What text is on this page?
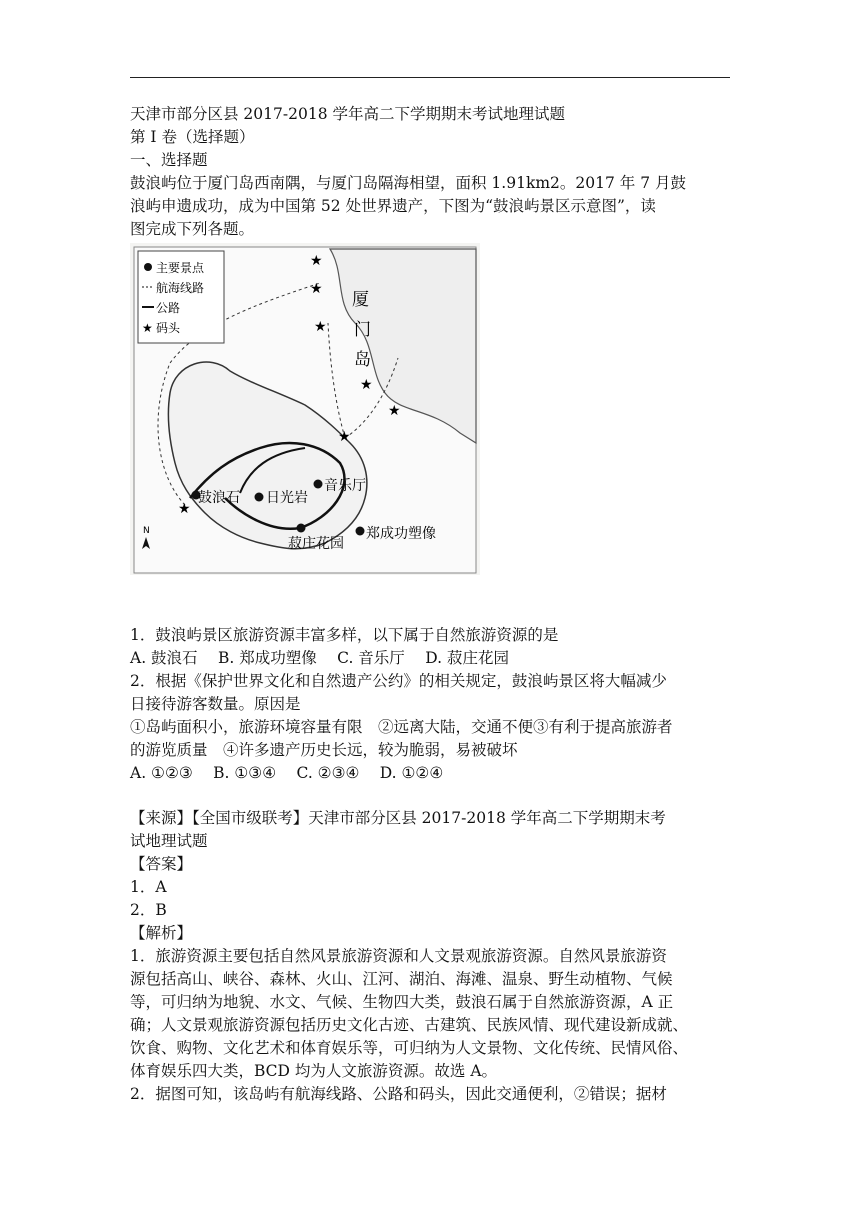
天津市部分区县 2017-2018 学年高二下学期期末考试地理试题

第 I 卷（选择题）

一、选择题

鼓浪屿位于厦门岛西南隅，与厦门岛隔海相望，面积 1.91km2。2017 年 7 月鼓

浪屿申遗成功，成为中国第 52 处世界遗产，下图为“鼓浪屿景区示意图”，读

图完成下列各题。

主要景点
航海线路
公路
★ 码头
厦
门
岛
★
★
★
★
★
★
★
鼓浪石 日光岩
音乐厅
菽庄花园
郑成功塑像
N

1．鼓浪屿景区旅游资源丰富多样，以下属于自然旅游资源的是

A. 鼓浪石　 B. 郑成功塑像　 C. 音乐厅　 D. 菽庄花园

2．根据《保护世界文化和自然遗产公约》的相关规定，鼓浪屿景区将大幅减少

日接待游客数量。原因是

①岛屿面积小，旅游环境容量有限　②远离大陆，交通不便③有利于提高旅游者

的游览质量　④许多遗产历史长远，较为脆弱，易被破坏

A. ①②③　 B. ①③④　 C. ②③④　 D. ①②④

【来源】【全国市级联考】天津市部分区县 2017-2018 学年高二下学期期末考

试地理试题

【答案】

1．A

2．B

【解析】

1．旅游资源主要包括自然风景旅游资源和人文景观旅游资源。自然风景旅游资

源包括高山、峡谷、森林、火山、江河、湖泊、海滩、温泉、野生动植物、气候

等，可归纳为地貌、水文、气候、生物四大类，鼓浪石属于自然旅游资源，A 正

确；人文景观旅游资源包括历史文化古迹、古建筑、民族风情、现代建设新成就、

饮食、购物、文化艺术和体育娱乐等，可归纳为人文景物、文化传统、民情风俗、

体育娱乐四大类，BCD 均为人文旅游资源。故选 A。

2．据图可知，该岛屿有航海线路、公路和码头，因此交通便利，②错误；据材
